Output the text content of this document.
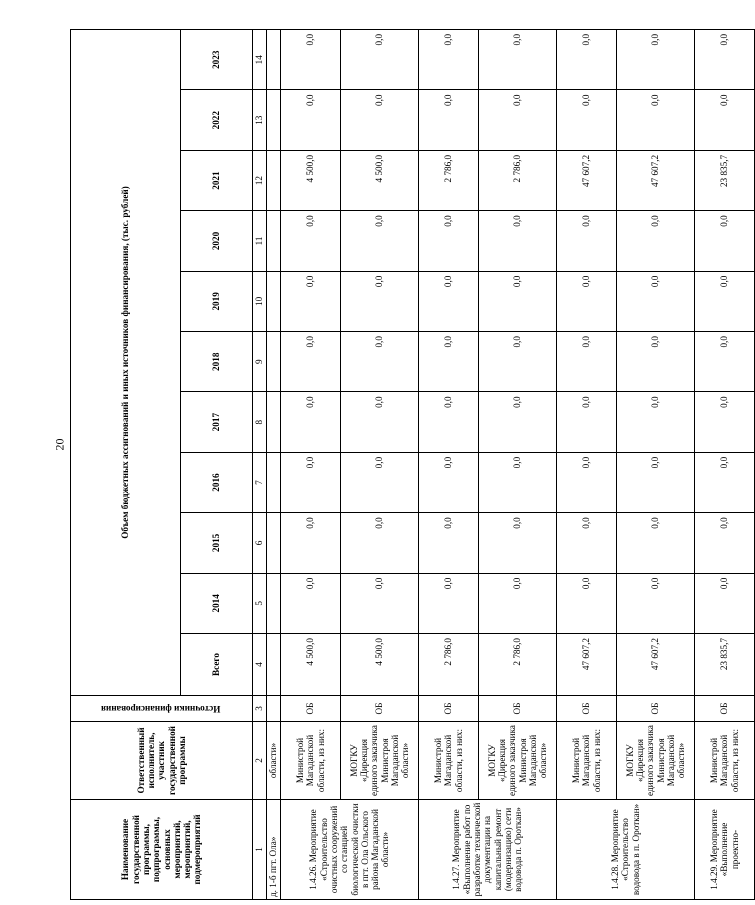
20
Наименование государственной программы, подпрограммы, основных мероприятий, мероприятий, подмероприятий	Ответственный исполнитель, участник государственной программы	Источники финансирования	Объем бюджетных ассигнований и иных источников финансирования, (тыс. рублей)										
			Всего	2014	2015	2016	2017	2018	2019	2020	2021	2022	2023
1	2	3	4	5	6	7	8	9	10	11	12	13	14
д. 1-б пгт. Ола»	области»												
1.4.26. Мероприятие «Строительство очистных сооружений со станцией биологической очистки в пгт. Ола Ольского района Магаданской области»	Министрой Магаданской области, из них:	ОБ	4 500,0	0,0	0,0	0,0	0,0	0,0	0,0	0,0	4 500,0	0,0	0,0
	МОГКУ «Дирекция единого заказчика Министроя Магаданской области»	ОБ	4 500,0	0,0	0,0	0,0	0,0	0,0	0,0	0,0	4 500,0	0,0	0,0
1.4.27. Мероприятие «Выполнение работ по разработке технической документации на капитальный ремонт (модернизацию) сети водовода п. Ороткан»	Министрой Магаданской области, из них:	ОБ	2 786,0	0,0	0,0	0,0	0,0	0,0	0,0	0,0	2 786,0	0,0	0,0
	МОГКУ «Дирекция единого заказчика Министроя Магаданской области»	ОБ	2 786,0	0,0	0,0	0,0	0,0	0,0	0,0	0,0	2 786,0	0,0	0,0
1.4.28. Мероприятие «Строительство водовода в п. Ороткан»	Министрой Магаданской области, из них:	ОБ	47 607,2	0,0	0,0	0,0	0,0	0,0	0,0	0,0	47 607,2	0,0	0,0
	МОГКУ «Дирекция единого заказчика Министроя Магаданской области»	ОБ	47 607,2	0,0	0,0	0,0	0,0	0,0	0,0	0,0	47 607,2	0,0	0,0
1.4.29. Мероприятие «Выполнение проектно-	Министрой Магаданской области, из них:	ОБ	23 835,7	0,0	0,0	0,0	0,0	0,0	0,0	0,0	23 835,7	0,0	0,0
